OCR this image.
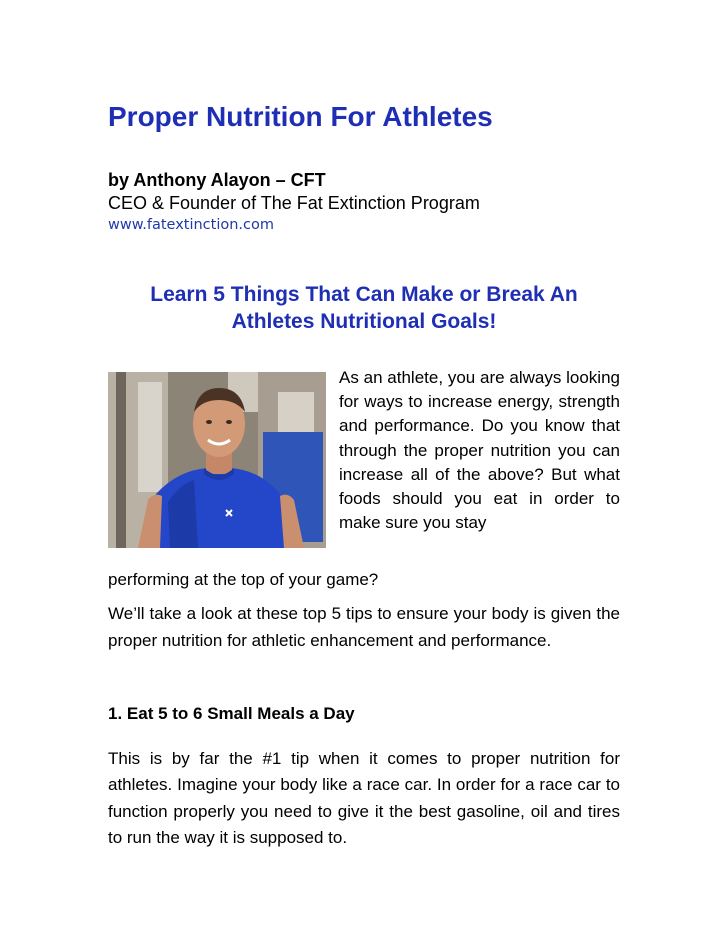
Proper Nutrition For Athletes
by Anthony Alayon – CFT
CEO & Founder of The Fat Extinction Program
www.fatextinction.com
Learn 5 Things That Can Make or Break An
Athletes Nutritional Goals!

As an athlete, you are always looking for ways to increase energy, strength and performance. Do you know that through the proper nutrition you can increase all of the above? But what foods should you eat in order to make sure you stay

performing at the top of your game?

We’ll take a look at these top 5 tips to ensure your body is given the proper nutrition for athletic enhancement and performance.

1. Eat 5 to 6 Small Meals a Day

This is by far the #1 tip when it comes to proper nutrition for athletes. Imagine your body like a race car. In order for a race car to function properly you need to give it the best gasoline, oil and tires to run the way it is supposed to.
